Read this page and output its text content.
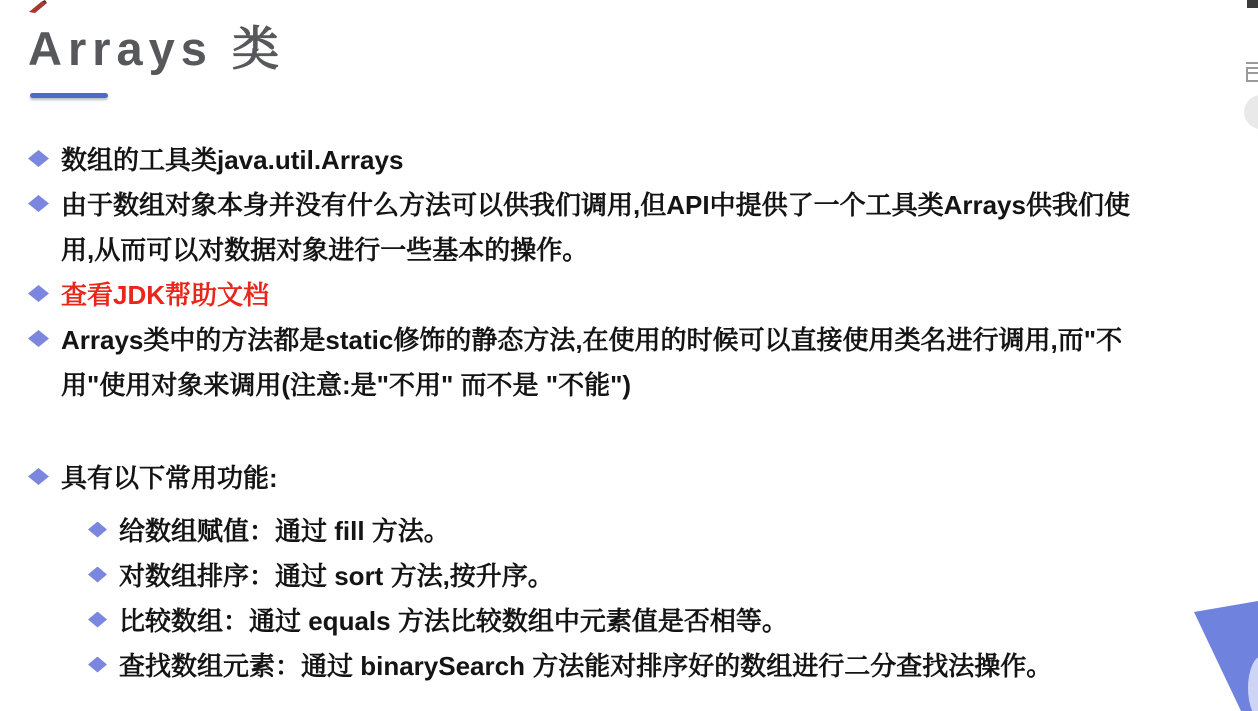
Arrays 类
数组的工具类java.util.Arrays
由于数组对象本身并没有什么方法可以供我们调用,但API中提供了一个工具类Arrays供我们使
用,从而可以对数据对象进行一些基本的操作。
查看JDK帮助文档
Arrays类中的方法都是static修饰的静态方法,在使用的时候可以直接使用类名进行调用,而"不
用"使用对象来调用(注意:是"不用" 而不是 "不能")
具有以下常用功能:
给数组赋值：通过 fill 方法。
对数组排序：通过 sort 方法,按升序。
比较数组：通过 equals 方法比较数组中元素值是否相等。
查找数组元素：通过 binarySearch 方法能对排序好的数组进行二分查找法操作。
